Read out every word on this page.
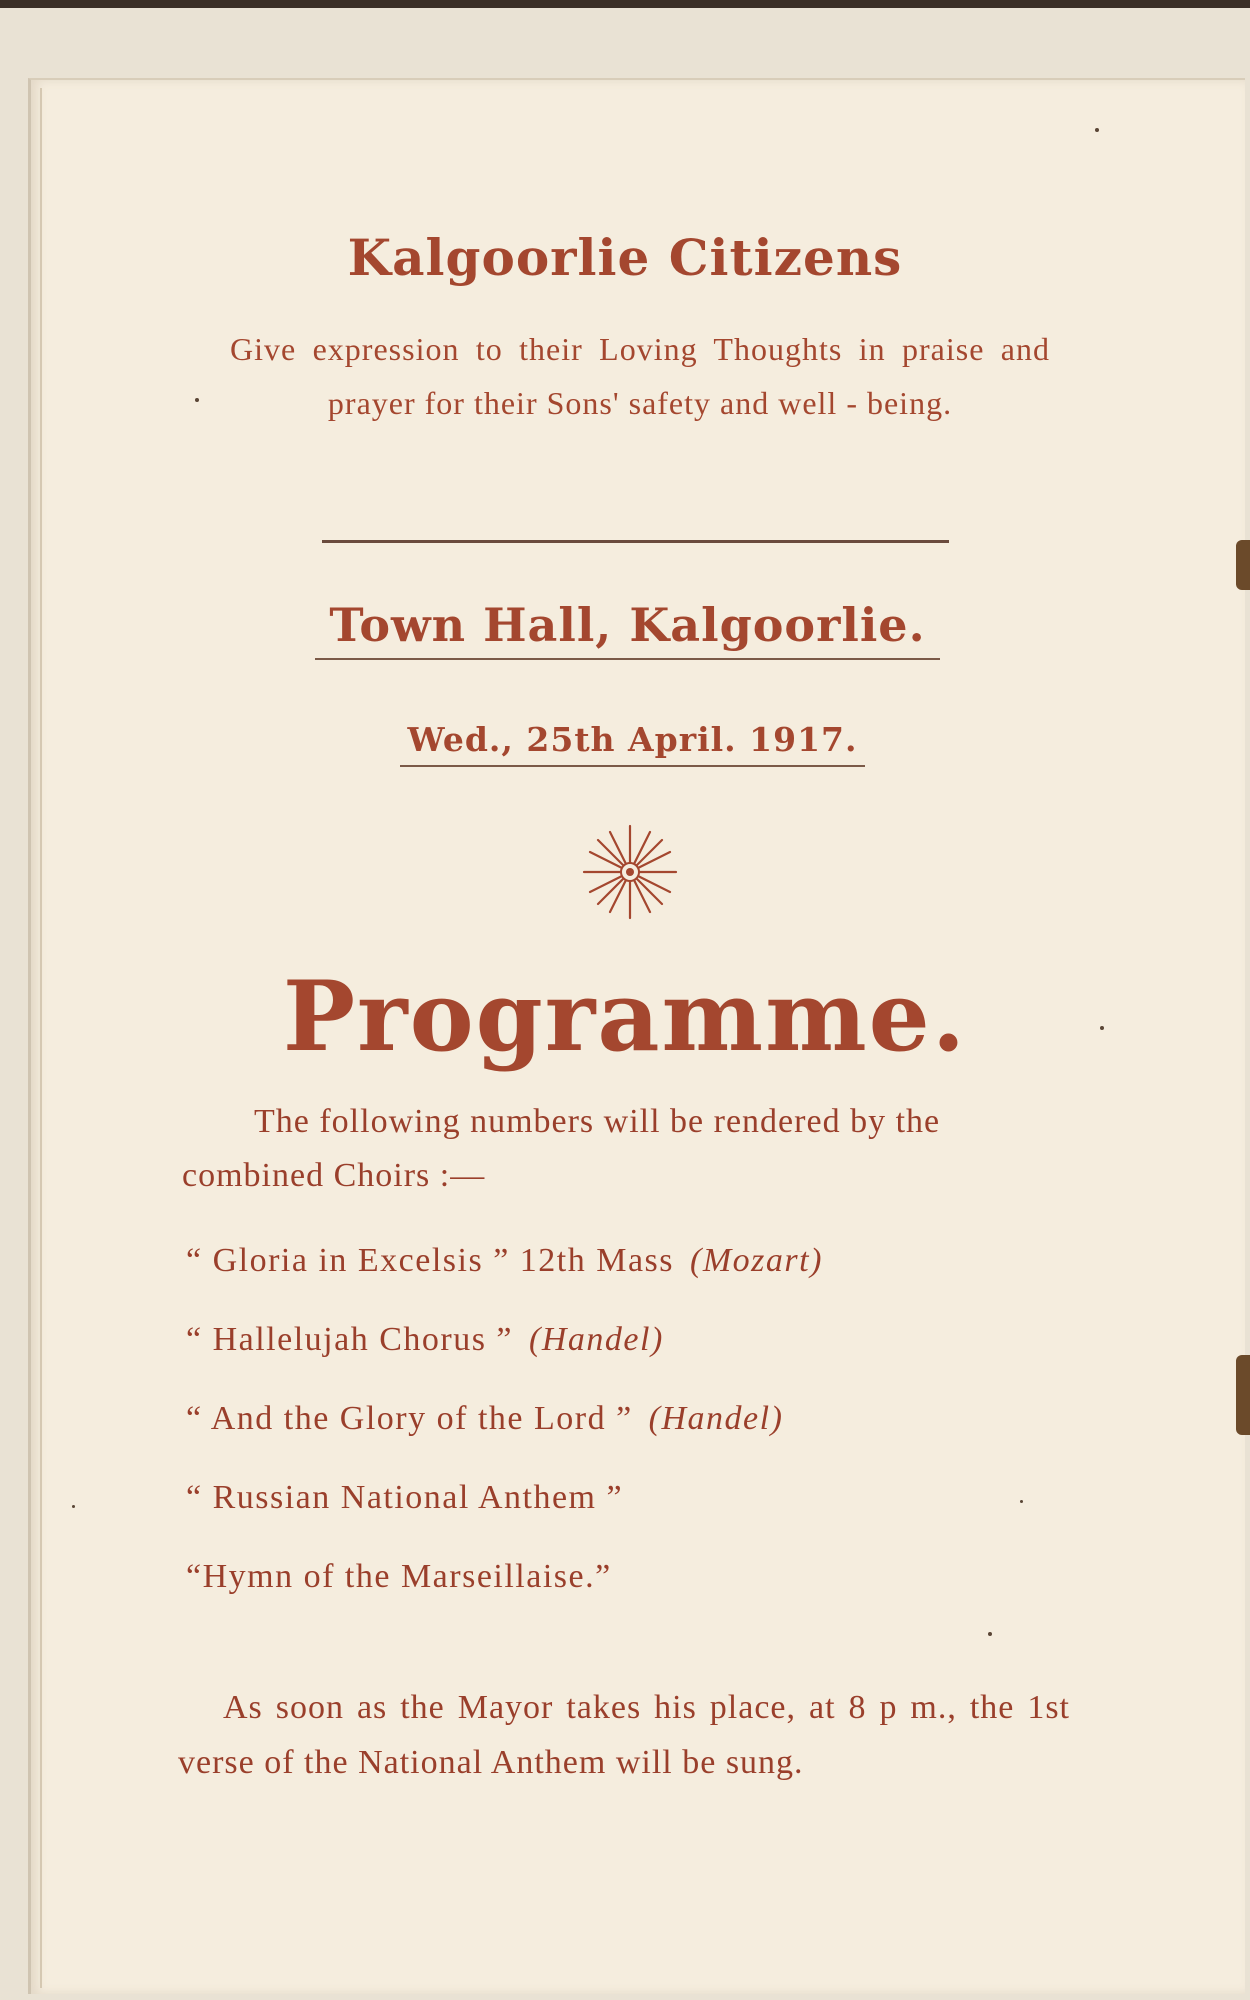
Kalgoorlie Citizens
Give expression to their Loving Thoughts in praise and prayer for their Sons' safety and well - being.
Town Hall, Kalgoorlie.
Wed., 25th April. 1917.
Programme.
The following numbers will be rendered by the combined Choirs :—
“ Gloria in Excelsis ” 12th Mass (Mozart)
“ Hallelujah Chorus ” (Handel)
“ And the Glory of the Lord ” (Handel)
“ Russian National Anthem ”
“Hymn of the Marseillaise.”
As soon as the Mayor takes his place, at 8 p m., the 1st verse of the National Anthem will be sung.
